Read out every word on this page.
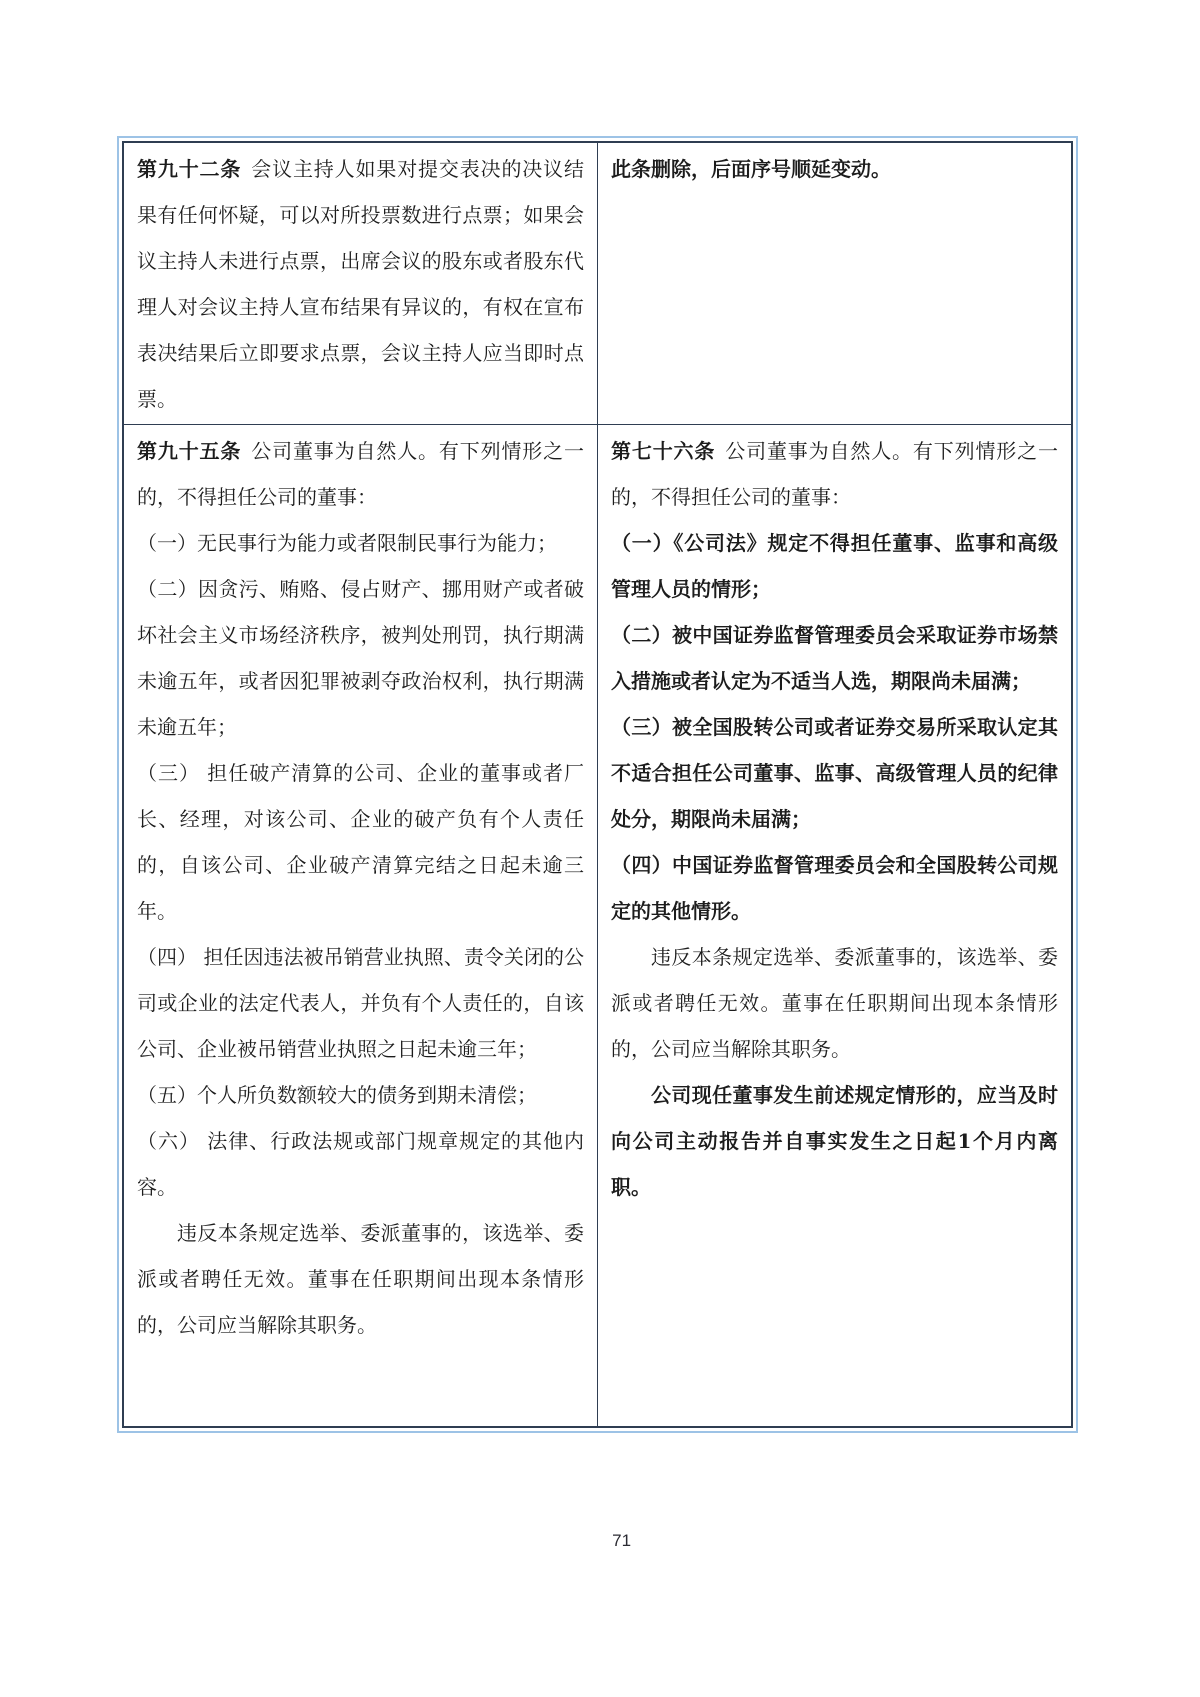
第九十二条 会议主持人如果对提交表决的决议结果有任何怀疑，可以对所投票数进行点票；如果会议主持人未进行点票，出席会议的股东或者股东代理人对会议主持人宣布结果有异议的，有权在宣布表决结果后立即要求点票，会议主持人应当即时点票。

此条删除，后面序号顺延变动。

第九十五条 公司董事为自然人。有下列情形之一的，不得担任公司的董事：

（一）无民事行为能力或者限制民事行为能力；

（二）因贪污、贿赂、侵占财产、挪用财产或者破坏社会主义市场经济秩序，被判处刑罚，执行期满未逾五年，或者因犯罪被剥夺政治权利，执行期满未逾五年；

（三） 担任破产清算的公司、企业的董事或者厂长、经理，对该公司、企业的破产负有个人责任的，自该公司、企业破产清算完结之日起未逾三年。

（四） 担任因违法被吊销营业执照、责令关闭的公司或企业的法定代表人，并负有个人责任的，自该公司、企业被吊销营业执照之日起未逾三年；

（五）个人所负数额较大的债务到期未清偿；

（六） 法律、行政法规或部门规章规定的其他内容。

违反本条规定选举、委派董事的，该选举、委派或者聘任无效。董事在任职期间出现本条情形的，公司应当解除其职务。

第七十六条 公司董事为自然人。有下列情形之一的，不得担任公司的董事：

（一）《公司法》规定不得担任董事、监事和高级管理人员的情形；

（二）被中国证券监督管理委员会采取证券市场禁入措施或者认定为不适当人选，期限尚未届满；

（三）被全国股转公司或者证券交易所采取认定其不适合担任公司董事、监事、高级管理人员的纪律处分，期限尚未届满；

（四）中国证券监督管理委员会和全国股转公司规定的其他情形。

违反本条规定选举、委派董事的，该选举、委派或者聘任无效。董事在任职期间出现本条情形的，公司应当解除其职务。

公司现任董事发生前述规定情形的，应当及时向公司主动报告并自事实发生之日起1个月内离职。

71
